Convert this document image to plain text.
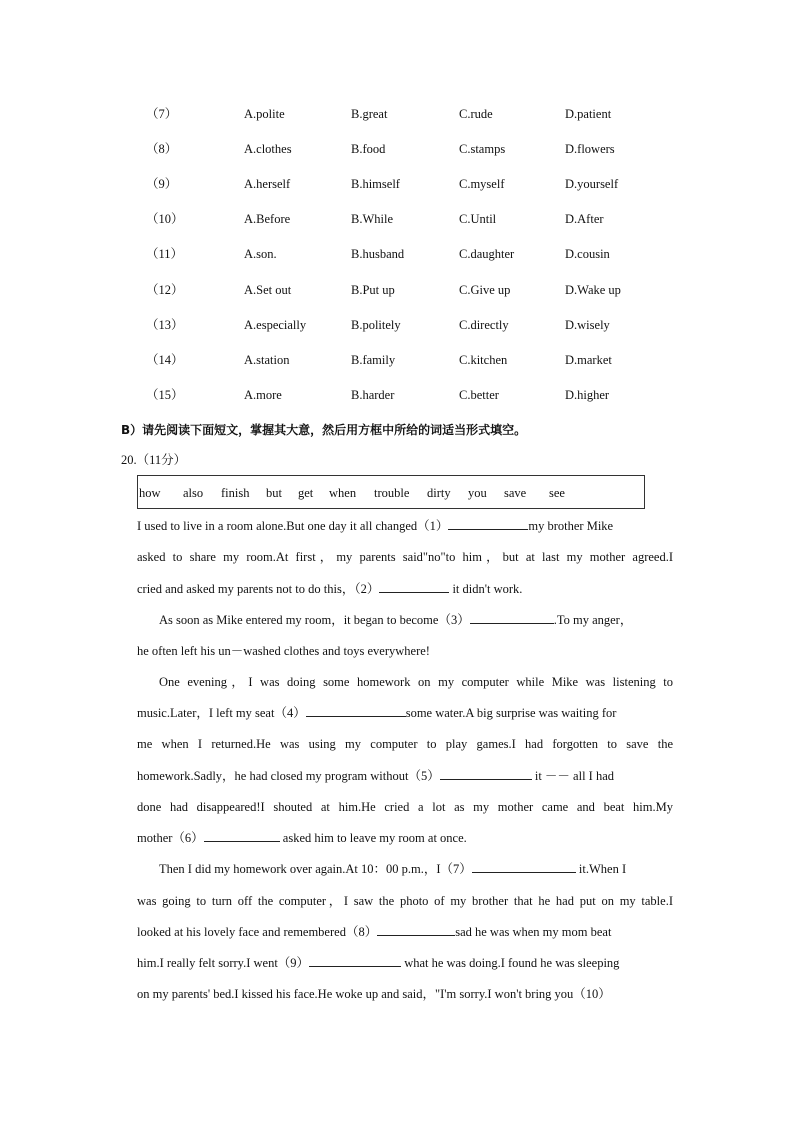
（7）	A.polite	B.great	C.rude	D.patient
（8）	A.clothes	B.food	C.stamps	D.flowers
（9）	A.herself	B.himself	C.myself	D.yourself
（10）	A.Before	B.While	C.Until	D.After
（11）	A.son.	B.husband	C.daughter	D.cousin
（12）	A.Set out	B.Put up	C.Give up	D.Wake up
（13）	A.especially	B.politely	C.directly	D.wisely
（14）	A.station	B.family	C.kitchen	D.market
（15）	A.more	B.harder	C.better	D.higher
B）请先阅读下面短文，掌握其大意，然后用方框中所给的词适当形式填空。
20.（11分）
how also finish but get when trouble dirty you save see
I used to live in a room alone.But one day it all changed（1）	my brother Mike
asked to share my room.At first，my parents said"no"to him，but at last my mother agreed.I
cried and asked my parents not to do this，（2）	it didn't work.
As soon as Mike entered my room，it began to become（3）	.To my anger，
he often left his un－washed clothes and toys everywhere!
One evening，I was doing some homework on my computer while Mike was listening to
music.Later，I left my seat（4）	some water.A big surprise was waiting for
me when I returned.He was using my computer to play games.I had forgotten to save the
homework.Sadly，he had closed my program without（5）	it －－ all I had
done had disappeared!I shouted at him.He cried a lot as my mother came and beat him.My
mother（6）	asked him to leave my room at once.
Then I did my homework over again.At 10：00 p.m.，I（7）	it.When I
was going to turn off the computer，I saw the photo of my brother that he had put on my table.I
looked at his lovely face and remembered（8）	sad he was when my mom beat
him.I really felt sorry.I went（9）	what he was doing.I found he was sleeping
on my parents' bed.I kissed his face.He woke up and said，"I'm sorry.I won't bring you（10）
